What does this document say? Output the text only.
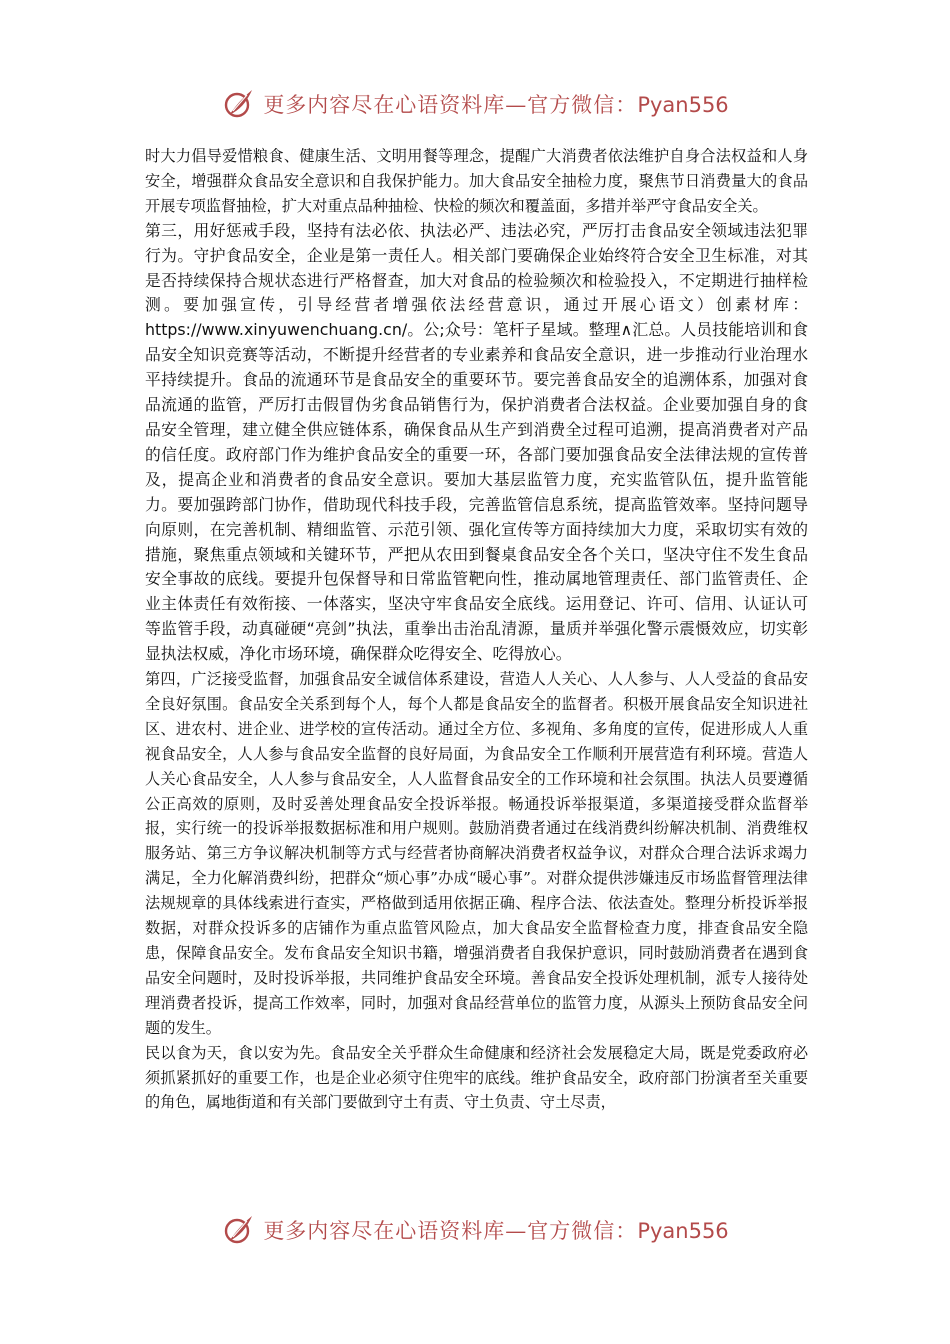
更多内容尽在心语资料库—官方微信：Pyan556

时大力倡导爱惜粮食、健康生活、文明用餐等理念，提醒广大消费者依法维护自身合法权益和人身安全，增强群众食品安全意识和自我保护能力。加大食品安全抽检力度，聚焦节日消费量大的食品开展专项监督抽检，扩大对重点品种抽检、快检的频次和覆盖面，多措并举严守食品安全关。

第三，用好惩戒手段，坚持有法必依、执法必严、违法必究，严厉打击食品安全领域违法犯罪行为。守护食品安全，企业是第一责任人。相关部门要确保企业始终符合安全卫生标准，对其是否持续保持合规状态进行严格督查，加大对食品的检验频次和检验投入，不定期进行抽样检测。要加强宣传，引导经营者增强依法经营意识，通过开展心语文）创素材库：https://www.xinyuwenchuang.cn/。公;众号：笔杆子星域。整理∧汇总。人员技能培训和食品安全知识竞赛等活动，不断提升经营者的专业素养和食品安全意识，进一步推动行业治理水平持续提升。食品的流通环节是食品安全的重要环节。要完善食品安全的追溯体系，加强对食品流通的监管，严厉打击假冒伪劣食品销售行为，保护消费者合法权益。企业要加强自身的食品安全管理，建立健全供应链体系，确保食品从生产到消费全过程可追溯，提高消费者对产品的信任度。政府部门作为维护食品安全的重要一环，各部门要加强食品安全法律法规的宣传普及，提高企业和消费者的食品安全意识。要加大基层监管力度，充实监管队伍，提升监管能力。要加强跨部门协作，借助现代科技手段，完善监管信息系统，提高监管效率。坚持问题导向原则，在完善机制、精细监管、示范引领、强化宣传等方面持续加大力度，采取切实有效的措施，聚焦重点领域和关键环节，严把从农田到餐桌食品安全各个关口，坚决守住不发生食品安全事故的底线。要提升包保督导和日常监管靶向性，推动属地管理责任、部门监管责任、企业主体责任有效衔接、一体落实，坚决守牢食品安全底线。运用登记、许可、信用、认证认可等监管手段，动真碰硬“亮剑”执法，重拳出击治乱清源，量质并举强化警示震慑效应，切实彰显执法权威，净化市场环境，确保群众吃得安全、吃得放心。

第四，广泛接受监督，加强食品安全诚信体系建设，营造人人关心、人人参与、人人受益的食品安全良好氛围。食品安全关系到每个人，每个人都是食品安全的监督者。积极开展食品安全知识进社区、进农村、进企业、进学校的宣传活动。通过全方位、多视角、多角度的宣传，促进形成人人重视食品安全，人人参与食品安全监督的良好局面，为食品安全工作顺利开展营造有利环境。营造人人关心食品安全，人人参与食品安全，人人监督食品安全的工作环境和社会氛围。执法人员要遵循公正高效的原则，及时妥善处理食品安全投诉举报。畅通投诉举报渠道，多渠道接受群众监督举报，实行统一的投诉举报数据标准和用户规则。鼓励消费者通过在线消费纠纷解决机制、消费维权服务站、第三方争议解决机制等方式与经营者协商解决消费者权益争议，对群众合理合法诉求竭力满足，全力化解消费纠纷，把群众“烦心事”办成“暖心事”。对群众提供涉嫌违反市场监督管理法律法规规章的具体线索进行查实，严格做到适用依据正确、程序合法、依法查处。整理分析投诉举报数据，对群众投诉多的店铺作为重点监管风险点，加大食品安全监督检查力度，排查食品安全隐患，保障食品安全。发布食品安全知识书籍，增强消费者自我保护意识，同时鼓励消费者在遇到食品安全问题时，及时投诉举报，共同维护食品安全环境。善食品安全投诉处理机制，派专人接待处理消费者投诉，提高工作效率，同时，加强对食品经营单位的监管力度，从源头上预防食品安全问题的发生。

民以食为天，食以安为先。食品安全关乎群众生命健康和经济社会发展稳定大局，既是党委政府必须抓紧抓好的重要工作，也是企业必须守住兜牢的底线。维护食品安全，政府部门扮演者至关重要的角色，属地街道和有关部门要做到守土有责、守土负责、守土尽责，

更多内容尽在心语资料库—官方微信：Pyan556
